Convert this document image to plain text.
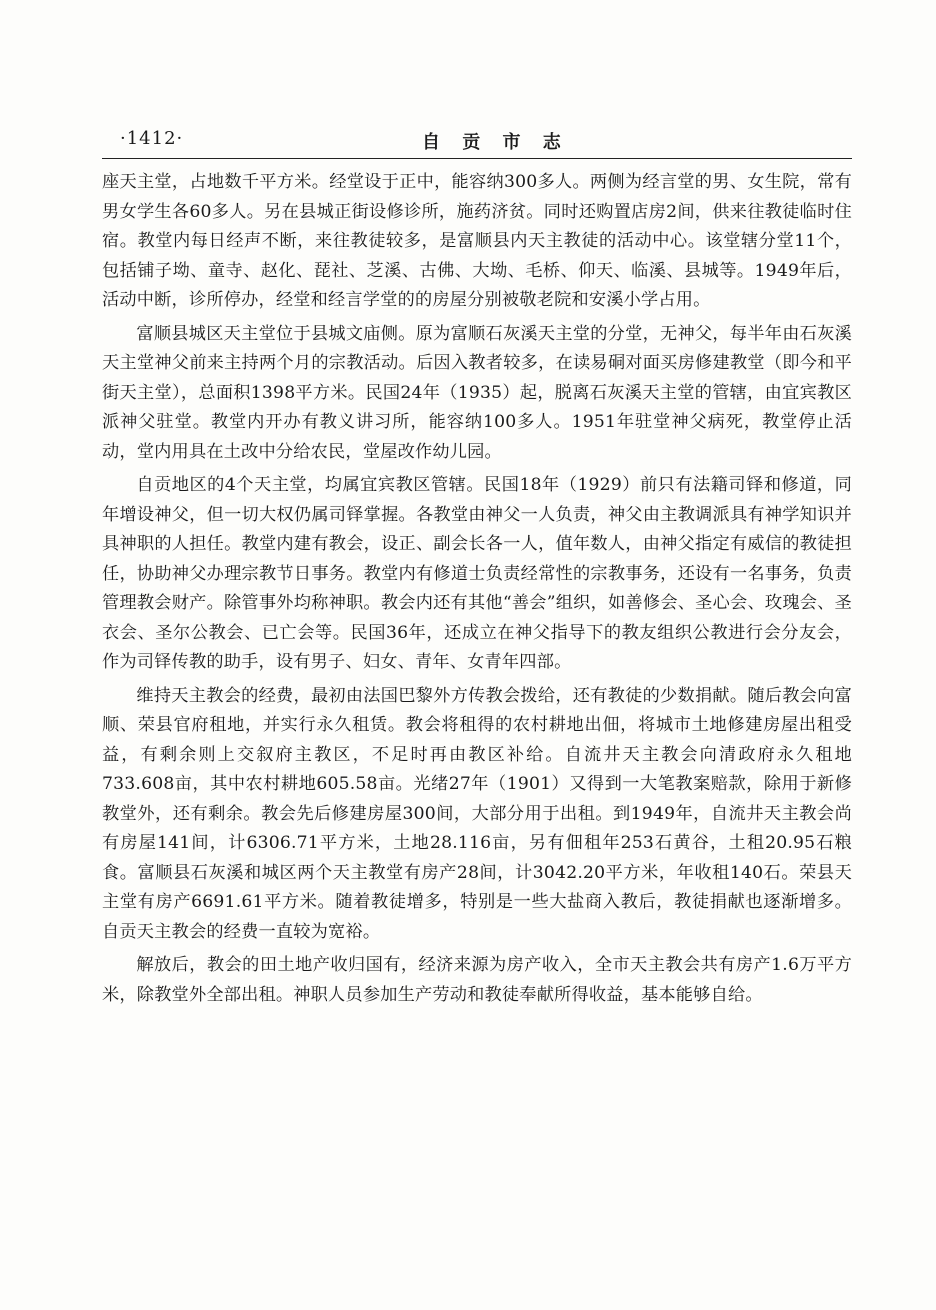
·1412·	自 贡 市 志

座天主堂，占地数千平方米。经堂设于正中，能容纳300多人。两侧为经言堂的男、女生院，常有男女学生各60多人。另在县城正街设修诊所，施药济贫。同时还购置店房2间，供来往教徒临时住宿。教堂内每日经声不断，来往教徒较多，是富顺县内天主教徒的活动中心。该堂辖分堂11个，包括铺子坳、童寺、赵化、琵社、芝溪、古佛、大坳、毛桥、仰天、临溪、县城等。1949年后，活动中断，诊所停办，经堂和经言学堂的的房屋分别被敬老院和安溪小学占用。

富顺县城区天主堂位于县城文庙侧。原为富顺石灰溪天主堂的分堂，无神父，每半年由石灰溪天主堂神父前来主持两个月的宗教活动。后因入教者较多，在读易硐对面买房修建教堂（即今和平街天主堂），总面积1398平方米。民国24年（1935）起，脱离石灰溪天主堂的管辖，由宜宾教区派神父驻堂。教堂内开办有教义讲习所，能容纳100多人。1951年驻堂神父病死，教堂停止活动，堂内用具在土改中分给农民，堂屋改作幼儿园。

自贡地区的4个天主堂，均属宜宾教区管辖。民国18年（1929）前只有法籍司铎和修道，同年增设神父，但一切大权仍属司铎掌握。各教堂由神父一人负责，神父由主教调派具有神学知识并具神职的人担任。教堂内建有教会，设正、副会长各一人，值年数人，由神父指定有威信的教徒担任，协助神父办理宗教节日事务。教堂内有修道士负责经常性的宗教事务，还设有一名事务，负责管理教会财产。除管事外均称神职。教会内还有其他“善会”组织，如善修会、圣心会、玫瑰会、圣衣会、圣尔公教会、已亡会等。民国36年，还成立在神父指导下的教友组织公教进行会分友会，作为司铎传教的助手，设有男子、妇女、青年、女青年四部。

维持天主教会的经费，最初由法国巴黎外方传教会拨给，还有教徒的少数捐献。随后教会向富顺、荣县官府租地，并实行永久租赁。教会将租得的农村耕地出佃，将城市土地修建房屋出租受益，有剩余则上交叙府主教区，不足时再由教区补给。自流井天主教会向清政府永久租地733.608亩，其中农村耕地605.58亩。光绪27年（1901）又得到一大笔教案赔款，除用于新修教堂外，还有剩余。教会先后修建房屋300间，大部分用于出租。到1949年，自流井天主教会尚有房屋141间，计6306.71平方米，土地28.116亩，另有佃租年253石黄谷，土租20.95石粮食。富顺县石灰溪和城区两个天主教堂有房产28间，计3042.20平方米，年收租140石。荣县天主堂有房产6691.61平方米。随着教徒增多，特别是一些大盐商入教后，教徒捐献也逐渐增多。自贡天主教会的经费一直较为宽裕。

解放后，教会的田土地产收归国有，经济来源为房产收入，全市天主教会共有房产1.6万平方米，除教堂外全部出租。神职人员参加生产劳动和教徒奉献所得收益，基本能够自给。
